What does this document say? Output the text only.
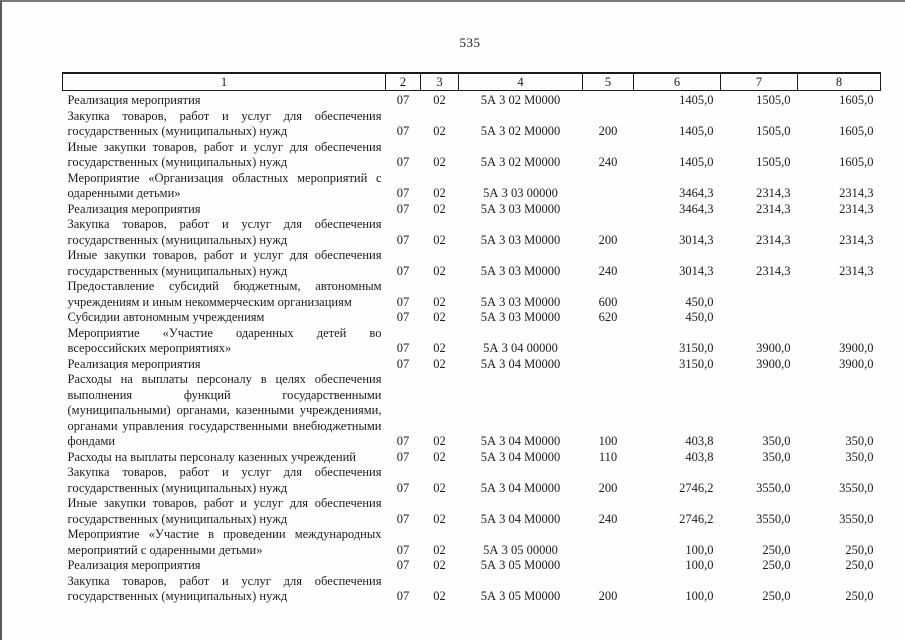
535
1	2	3	4	5	6	7	8
Реализация мероприятия	07	02	5А 3 02 М0000		1405,0	1505,0	1605,0
Закупка товаров, работ и услуг для обеспечения государственных (муниципальных) нужд	07	02	5А 3 02 М0000	200	1405,0	1505,0	1605,0
Иные закупки товаров, работ и услуг для обеспечения государственных (муниципальных) нужд	07	02	5А 3 02 М0000	240	1405,0	1505,0	1605,0
Мероприятие «Организация областных мероприятий с одаренными детьми»	07	02	5А 3 03 00000		3464,3	2314,3	2314,3
Реализация мероприятия	07	02	5А 3 03 М0000		3464,3	2314,3	2314,3
Закупка товаров, работ и услуг для обеспечения государственных (муниципальных) нужд	07	02	5А 3 03 М0000	200	3014,3	2314,3	2314,3
Иные закупки товаров, работ и услуг для обеспечения государственных (муниципальных) нужд	07	02	5А 3 03 М0000	240	3014,3	2314,3	2314,3
Предоставление субсидий бюджетным, автономным учреждениям и иным некоммерческим организациям	07	02	5А 3 03 М0000	600	450,0		
Субсидии автономным учреждениям	07	02	5А 3 03 М0000	620	450,0		
Мероприятие «Участие одаренных детей во всероссийских мероприятиях»	07	02	5А 3 04 00000		3150,0	3900,0	3900,0
Реализация мероприятия	07	02	5А 3 04 М0000		3150,0	3900,0	3900,0
Расходы на выплаты персоналу в целях обеспечения выполнения функций государственными (муниципальными) органами, казенными учреждениями, органами управления государственными внебюджетными фондами	07	02	5А 3 04 М0000	100	403,8	350,0	350,0
Расходы на выплаты персоналу казенных учреждений	07	02	5А 3 04 М0000	110	403,8	350,0	350,0
Закупка товаров, работ и услуг для обеспечения государственных (муниципальных) нужд	07	02	5А 3 04 М0000	200	2746,2	3550,0	3550,0
Иные закупки товаров, работ и услуг для обеспечения государственных (муниципальных) нужд	07	02	5А 3 04 М0000	240	2746,2	3550,0	3550,0
Мероприятие «Участие в проведении международных мероприятий с одаренными детьми»	07	02	5А 3 05 00000		100,0	250,0	250,0
Реализация мероприятия	07	02	5А 3 05 М0000		100,0	250,0	250,0
Закупка товаров, работ и услуг для обеспечения государственных (муниципальных) нужд	07	02	5А 3 05 М0000	200	100,0	250,0	250,0
